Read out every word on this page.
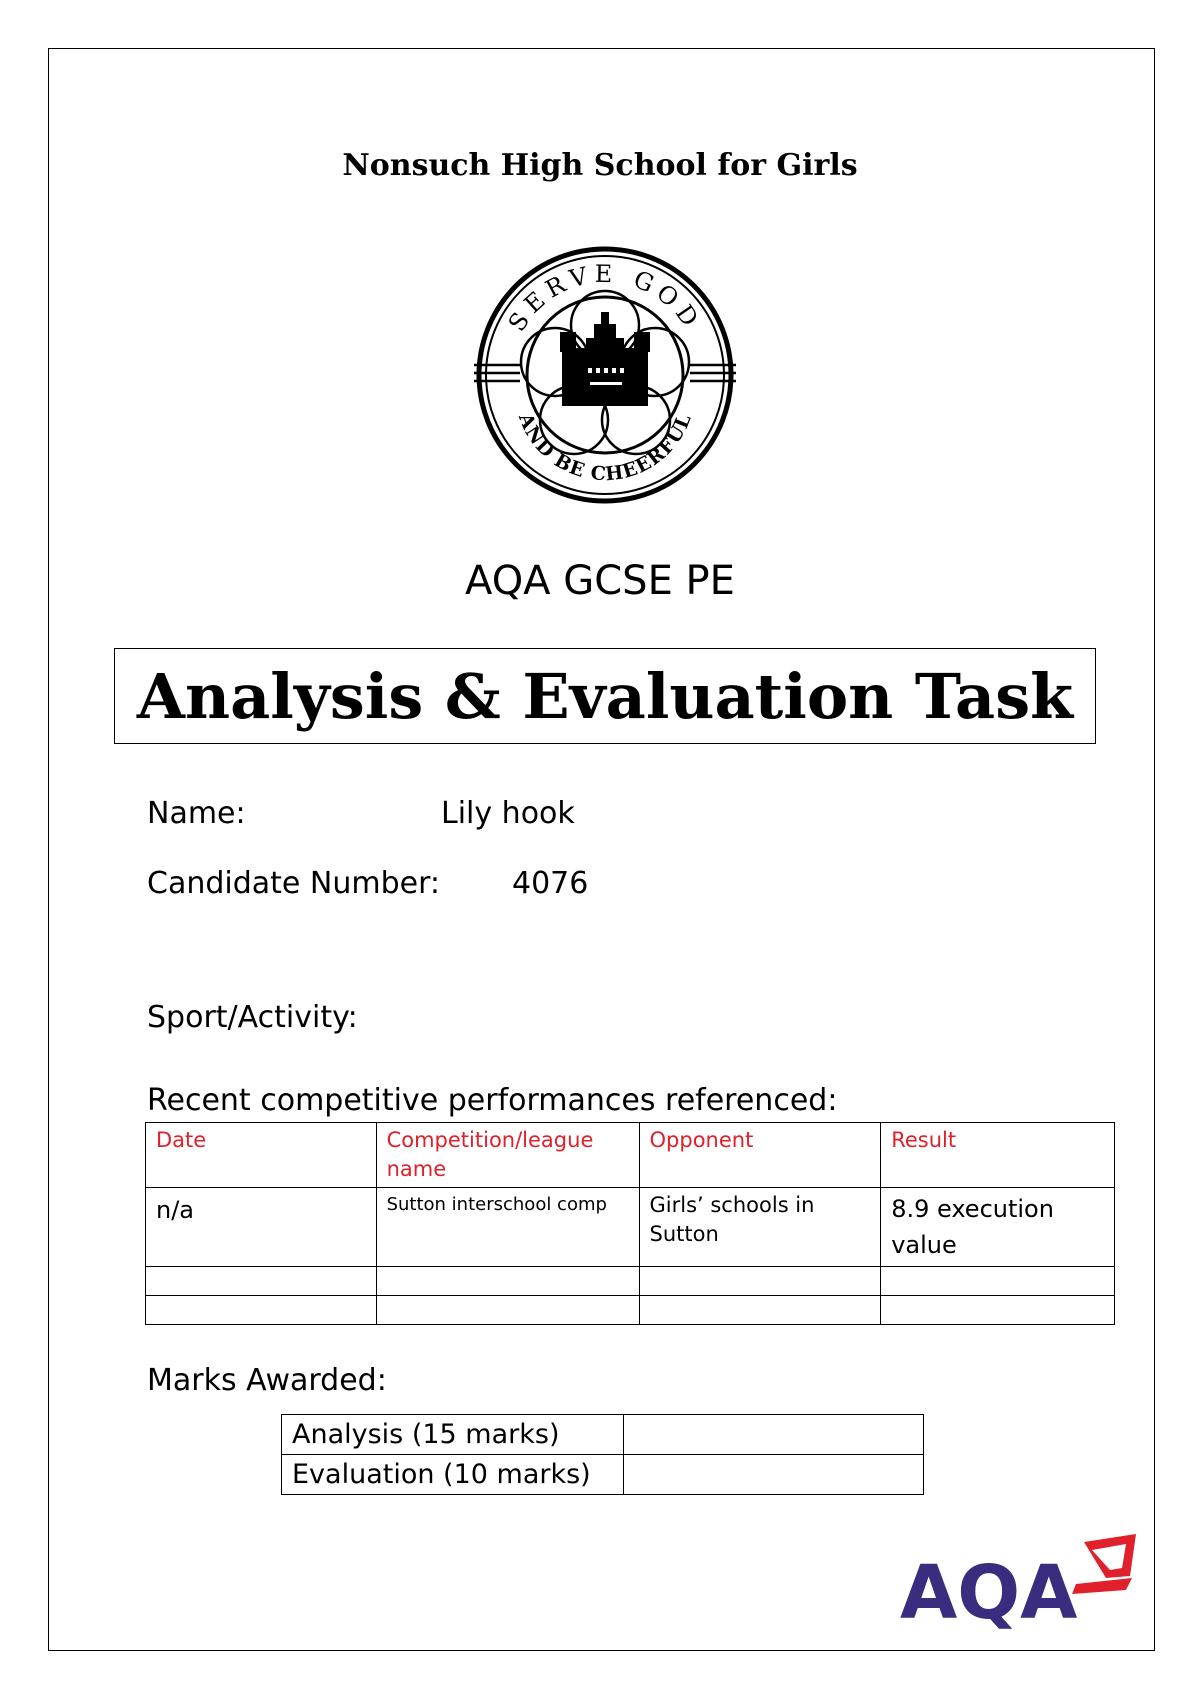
Nonsuch High School for Girls
SERVE GOD
AND BE CHEERFUL
AQA GCSE PE
Analysis & Evaluation Task
Name:	Lily hook
Candidate Number: 4076
Sport/Activity:
Recent competitive performances referenced:
Date	Competition/league name	Opponent	Result
n/a	Sutton interschool comp	Girls’ schools in Sutton	8.9 execution value

Marks Awarded:
Analysis (15 marks)	
Evaluation (10 marks)	
AQA
